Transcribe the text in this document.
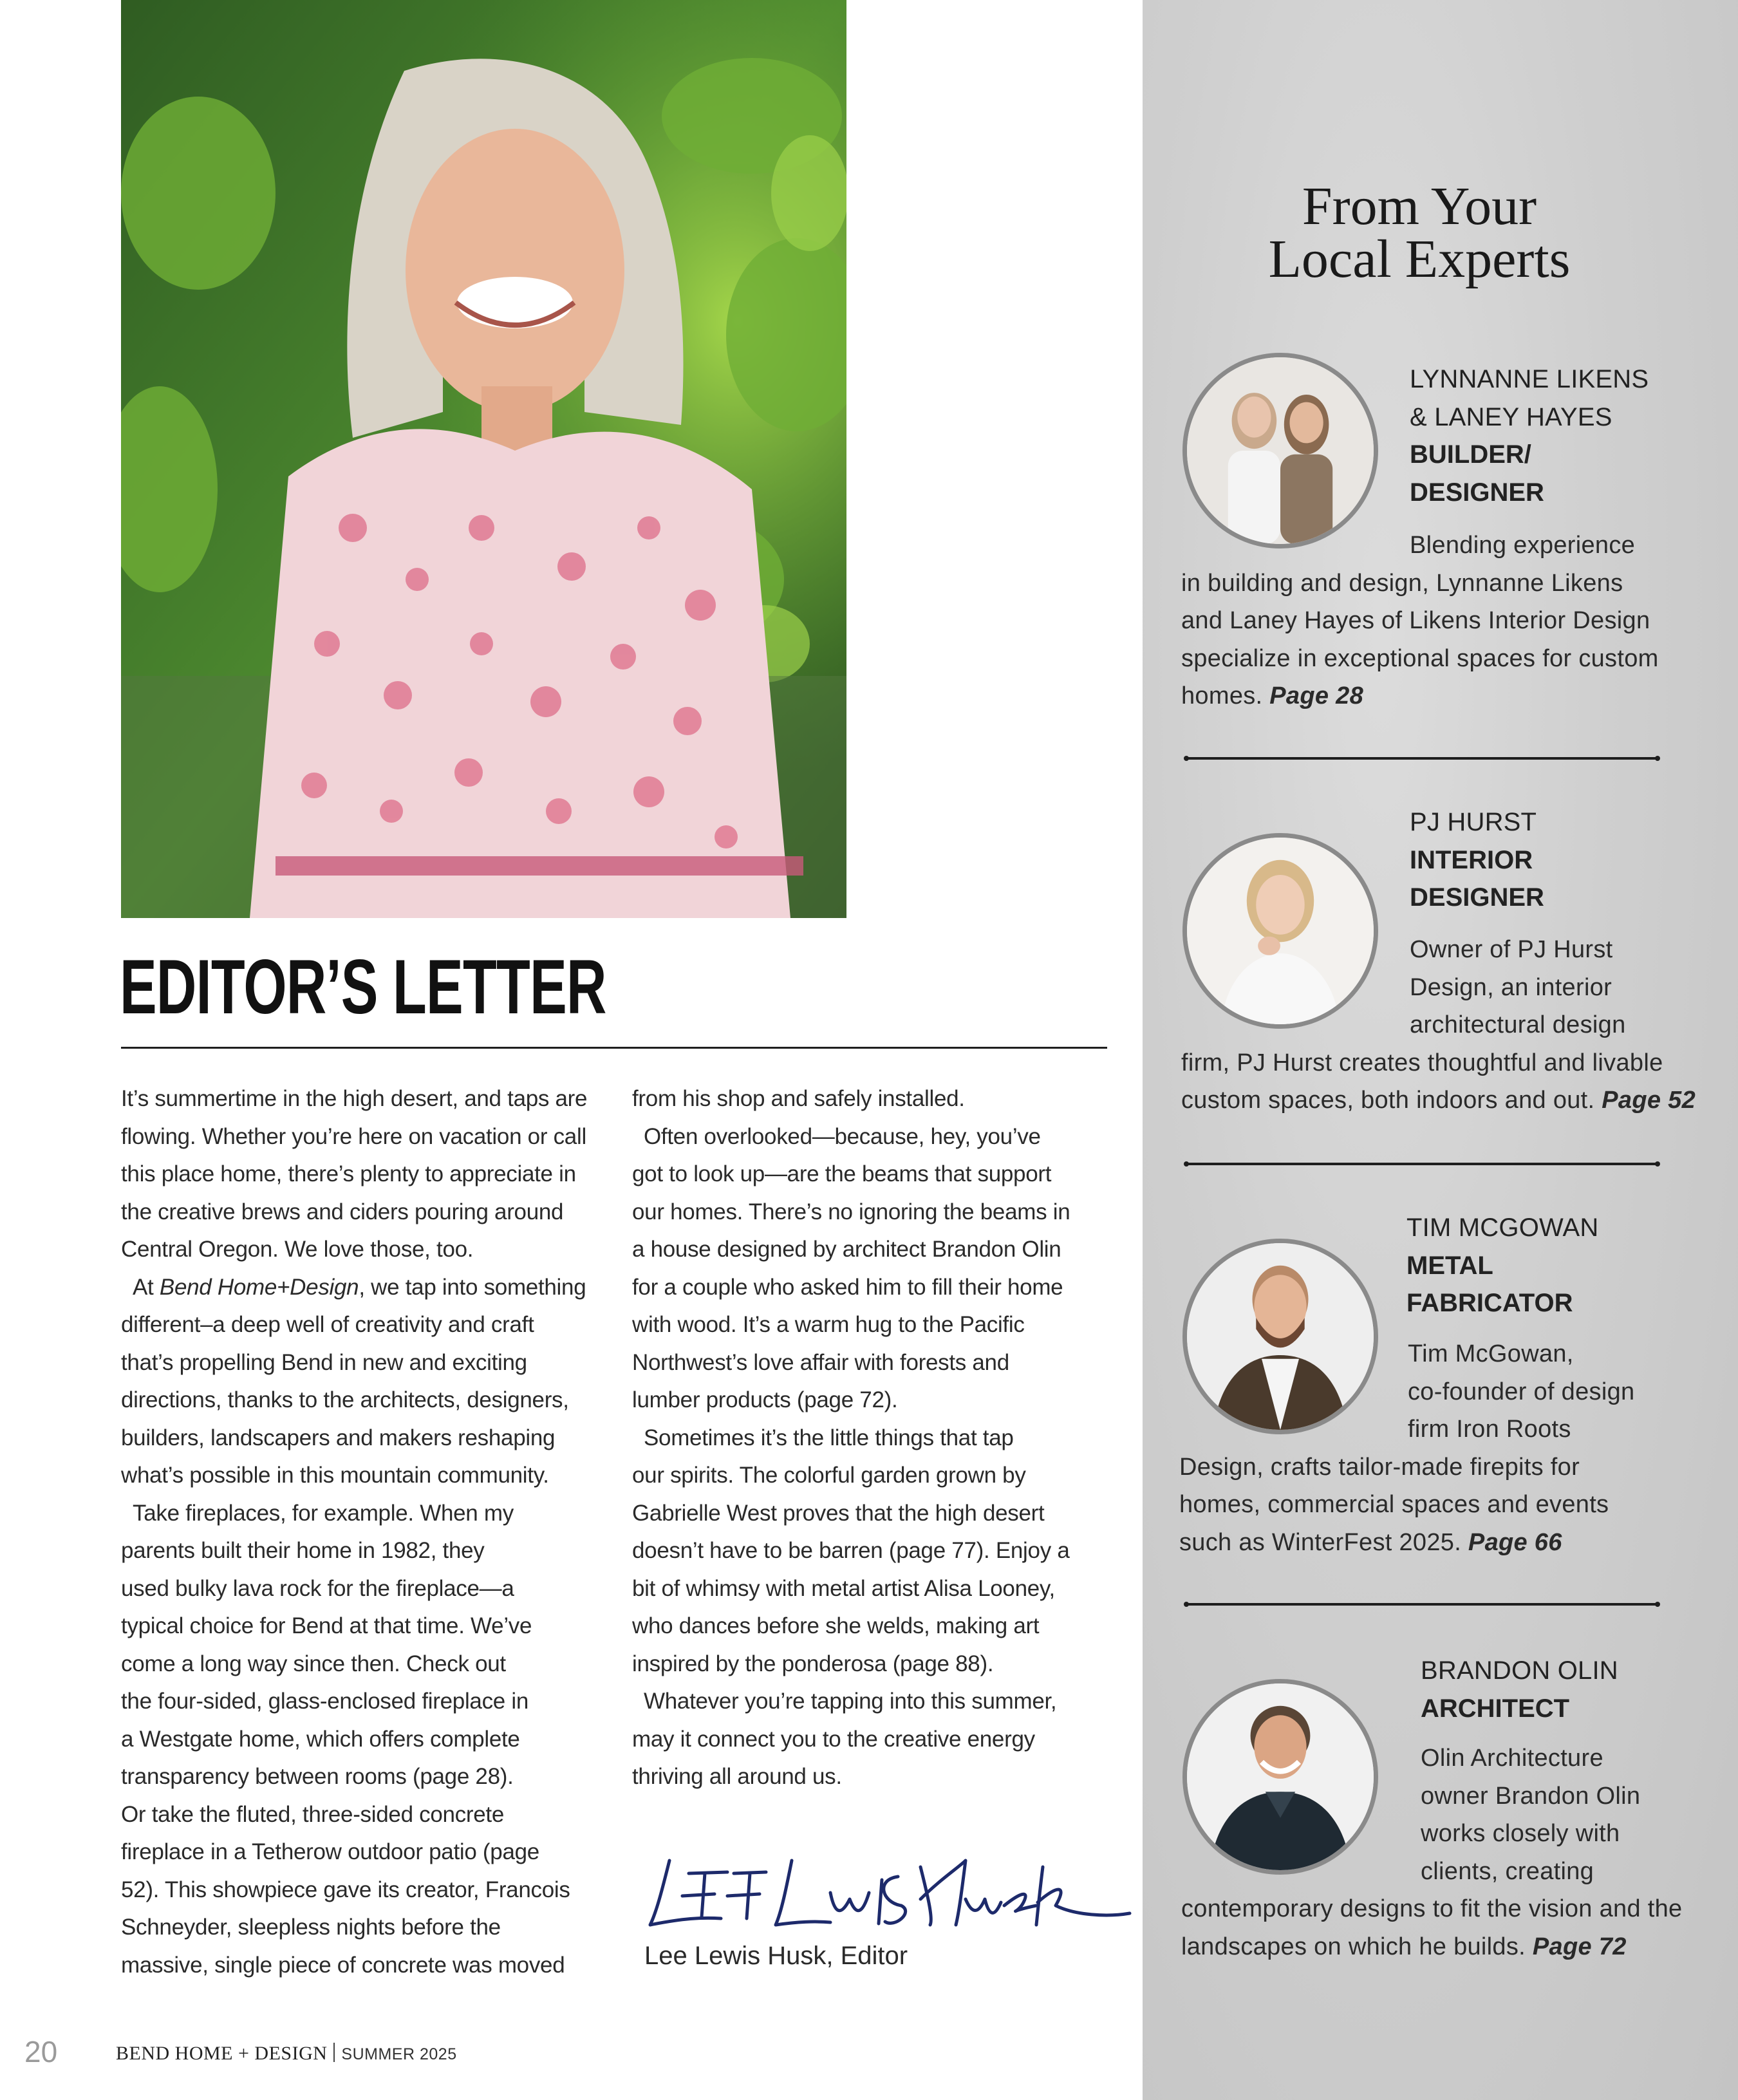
EDITOR’S LETTER

It’s summertime in the high desert, and taps are

flowing. Whether you’re here on vacation or call

this place home, there’s plenty to appreciate in

the creative brews and ciders pouring around

Central Oregon. We love those, too.

At Bend Home+Design, we tap into something

different–a deep well of creativity and craft

that’s propelling Bend in new and exciting

directions, thanks to the architects, designers,

builders, landscapers and makers reshaping

what’s possible in this mountain community.

Take fireplaces, for example. When my

parents built their home in 1982, they

used bulky lava rock for the fireplace—a

typical choice for Bend at that time. We’ve

come a long way since then. Check out

the four-sided, glass-enclosed fireplace in

a Westgate home, which offers complete

transparency between rooms (page 28).

Or take the fluted, three-sided concrete

fireplace in a Tetherow outdoor patio (page

52). This showpiece gave its creator, Francois

Schneyder, sleepless nights before the

massive, single piece of concrete was moved

from his shop and safely installed.

Often overlooked—because, hey, you’ve

got to look up—are the beams that support

our homes. There’s no ignoring the beams in

a house designed by architect Brandon Olin

for a couple who asked him to fill their home

with wood. It’s a warm hug to the Pacific

Northwest’s love affair with forests and

lumber products (page 72).

Sometimes it’s the little things that tap

our spirits. The colorful garden grown by

Gabrielle West proves that the high desert

doesn’t have to be barren (page 77). Enjoy a

bit of whimsy with metal artist Alisa Looney,

who dances before she welds, making art

inspired by the ponderosa (page 88).

Whatever you’re tapping into this summer,

may it connect you to the creative energy

thriving all around us.

Lee Lewis Husk, Editor
20	BEND HOME + DESIGN SUMMER 2025
From Your
Local Experts
LYNNANNE LIKENS
& LANEY HAYES
BUILDER/
DESIGNER

Blending experience

in building and design, Lynnanne Likens

and Laney Hayes of Likens Interior Design

specialize in exceptional spaces for custom

homes. Page 28

PJ HURST
INTERIOR
DESIGNER

Owner of PJ Hurst

Design, an interior

architectural design

firm, PJ Hurst creates thoughtful and livable

custom spaces, both indoors and out. Page 52

TIM MCGOWAN
METAL
FABRICATOR

Tim McGowan,

co-founder of design

firm Iron Roots

Design, crafts tailor-made firepits for

homes, commercial spaces and events

such as WinterFest 2025. Page 66

BRANDON OLIN
ARCHITECT

Olin Architecture

owner Brandon Olin

works closely with

clients, creating

contemporary designs to fit the vision and the

landscapes on which he builds. Page 72
